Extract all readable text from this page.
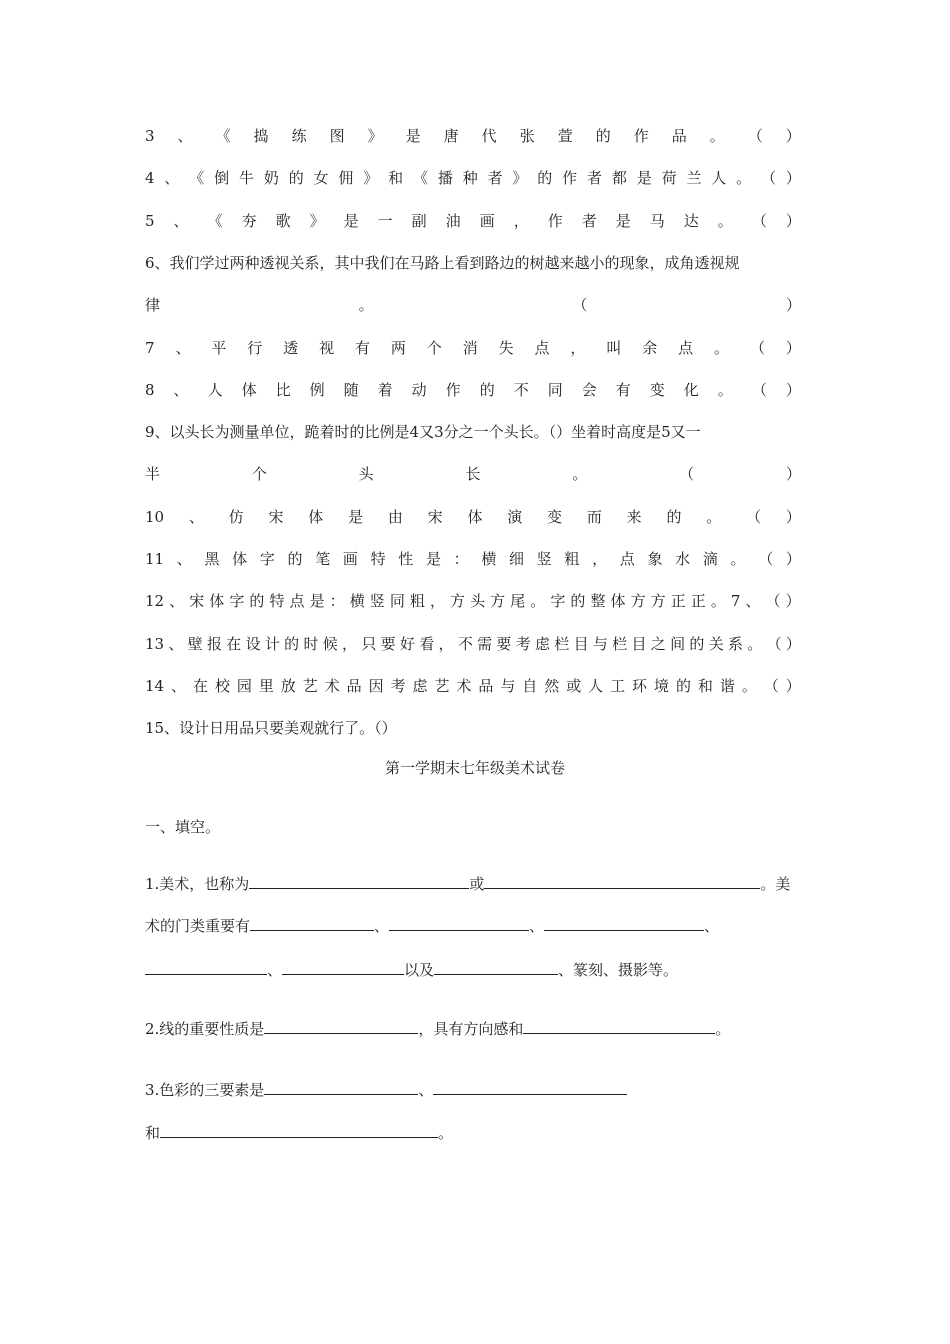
3 、 《 捣 练 图 》 是 唐 代 张 萱 的 作 品 。 （ ）
4 、 《 倒 牛 奶 的 女 佣 》 和 《 播 种 者 》 的 作 者 都 是 荷 兰 人 。 （ ）
5 、 《 夯 歌 》 是 一 副 油 画 ， 作 者 是 马 达 。 （ ）
6、我们学过两种透视关系，其中我们在马路上看到路边的树越来越小的现象，成角透视规
律	。	（	）
7 、 平 行 透 视 有 两 个 消 失 点 ， 叫 余 点 。 （ ）
8 、 人 体 比 例 随 着 动 作 的 不 同 会 有 变 化 。 （ ）
9、以头长为测量单位，跪着时的比例是4又3分之一个头长。（）坐着时高度是5又一
半	个	头	长	。	（	）
10 、 仿 宋 体 是 由 宋 体 演 变 而 来 的 。 （ ）
11 、 黑 体 字 的 笔 画 特 性 是 ： 横 细 竖 粗 ， 点 象 水 滴 。 （ ）
12 、 宋 体 字 的 特 点 是 ： 横 竖 同 粗 ， 方 头 方 尾 。 字 的 整 体 方 方 正 正 。 7 、 （ ）
13 、 壁 报 在 设 计 的 时 候 ， 只 要 好 看 ， 不 需 要 考 虑 栏 目 与 栏 目 之 间 的 关 系 。 （ ）
14 、 在 校 园 里 放 艺 术 品 因 考 虑 艺 术 品 与 自 然 或 人 工 环 境 的 和 谐 。 （ ）
15、设计日用品只要美观就行了。（）
第一学期末七年级美术试卷
一、填空。
1.美术，也称为	或	。美
术的门类重要有	、	、	、
、	以及	、篆刻、摄影等。
2.线的重要性质是	，具有方向感和	。
3.色彩的三要素是	、
和	。
